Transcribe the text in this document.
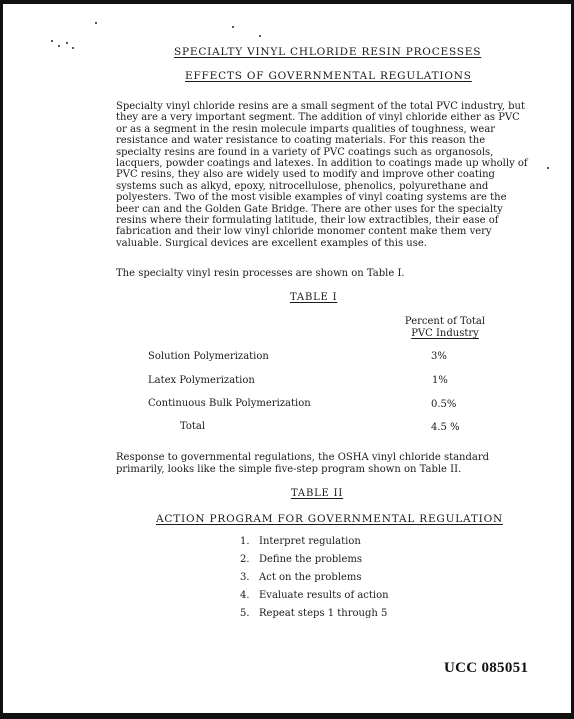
SPECIALTY VINYL CHLORIDE RESIN PROCESSES
EFFECTS OF GOVERNMENTAL REGULATIONS

Specialty vinyl chloride resins are a small segment of the total PVC industry, but they are a very important segment. The addition of vinyl chloride either as PVC or as a segment in the resin molecule imparts qualities of toughness, wear resistance and water resistance to coating materials. For this reason the specialty resins are found in a variety of PVC coatings such as organosols, lacquers, powder coatings and latexes. In addition to coatings made up wholly of PVC resins, they also are widely used to modify and improve other coating systems such as alkyd, epoxy, nitrocellulose, phenolics, polyurethane and polyesters. Two of the most visible examples of vinyl coating systems are the beer can and the Golden Gate Bridge. There are other uses for the specialty resins where their formulating latitude, their low extractibles, their ease of fabrication and their low vinyl chloride monomer content make them very valuable. Surgical devices are excellent examples of this use.

The specialty vinyl resin processes are shown on Table I.
TABLE I
Percent of Total
PVC Industry
Solution Polymerization	3%
Latex Polymerization	1%
Continuous Bulk Polymerization	0.5%
Total	4.5 %

Response to governmental regulations, the OSHA vinyl chloride standard primarily, looks like the simple five-step program shown on Table II.

TABLE II
ACTION PROGRAM FOR GOVERNMENTAL REGULATION
1. Interpret regulation
2. Define the problems
3. Act on the problems
4. Evaluate results of action
5. Repeat steps 1 through 5
UCC 085051
